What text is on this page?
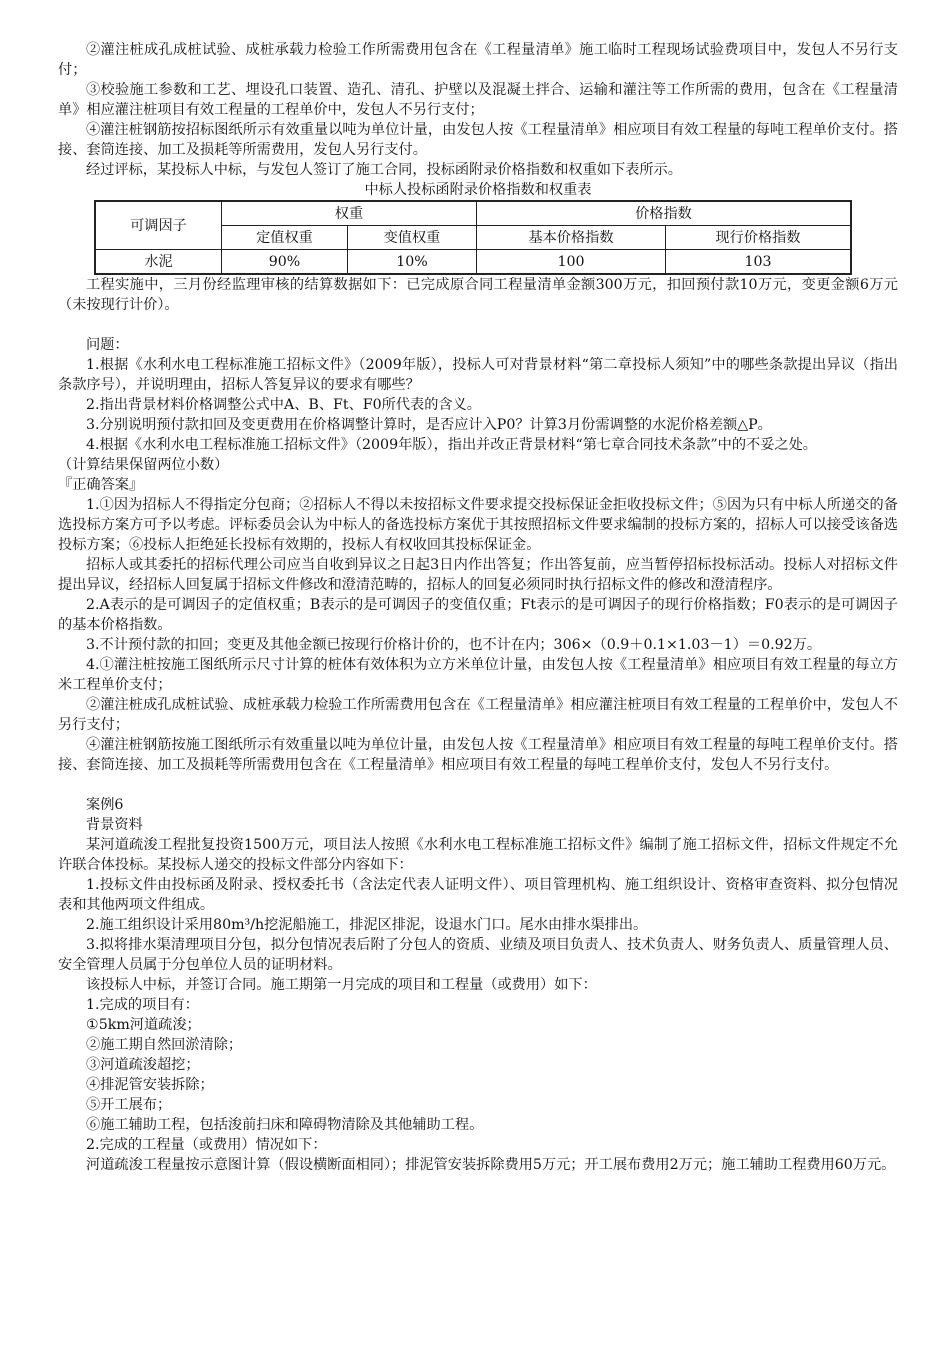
②灌注桩成孔成桩试验、成桩承载力检验工作所需费用包含在《工程量清单》施工临时工程现场试验费项目中，发包人不另行支付；

③校验施工参数和工艺、埋设孔口装置、造孔、清孔、护壁以及混凝土拌合、运输和灌注等工作所需的费用，包含在《工程量清单》相应灌注桩项目有效工程量的工程单价中，发包人不另行支付；

④灌注桩钢筋按招标图纸所示有效重量以吨为单位计量，由发包人按《工程量清单》相应项目有效工程量的每吨工程单价支付。搭接、套筒连接、加工及损耗等所需费用，发包人另行支付。

经过评标，某投标人中标，与发包人签订了施工合同，投标函附录价格指数和权重如下表所示。

中标人投标函附录价格指数和权重表
可调因子	权重		价格指数	
	定值权重	变值权重	基本价格指数	现行价格指数
水泥	90%	10%	100	103

工程实施中，三月份经监理审核的结算数据如下：已完成原合同工程量清单金额300万元，扣回预付款10万元，变更金额6万元（未按现行计价）。

问题：

1.根据《水利水电工程标准施工招标文件》（2009年版），投标人可对背景材料“第二章投标人须知”中的哪些条款提出异议（指出条款序号），并说明理由，招标人答复异议的要求有哪些？

2.指出背景材料价格调整公式中A、B、Ft、F0所代表的含义。

3.分别说明预付款扣回及变更费用在价格调整计算时，是否应计入P0？计算3月份需调整的水泥价格差额△P。

4.根据《水利水电工程标准施工招标文件》（2009年版），指出并改正背景材料“第七章合同技术条款”中的不妥之处。

（计算结果保留两位小数）

『正确答案』

1.①因为招标人不得指定分包商；②招标人不得以未按招标文件要求提交投标保证金拒收投标文件；⑤因为只有中标人所递交的备选投标方案方可予以考虑。评标委员会认为中标人的备选投标方案优于其按照招标文件要求编制的投标方案的，招标人可以接受该备选投标方案；⑥投标人拒绝延长投标有效期的，投标人有权收回其投标保证金。

招标人或其委托的招标代理公司应当自收到异议之日起3日内作出答复；作出答复前，应当暂停招标投标活动。投标人对招标文件提出异议，经招标人回复属于招标文件修改和澄清范畴的，招标人的回复必须同时执行招标文件的修改和澄清程序。

2.A表示的是可调因子的定值权重；B表示的是可调因子的变值仅重；Ft表示的是可调因子的现行价格指数；F0表示的是可调因子的基本价格指数。

3.不计预付款的扣回；变更及其他金额已按现行价格计价的，也不计在内；306×（0.9＋0.1×1.03－1）＝0.92万。

4.①灌注桩按施工图纸所示尺寸计算的桩体有效体积为立方米单位计量，由发包人按《工程量清单》相应项目有效工程量的每立方米工程单价支付；

②灌注桩成孔成桩试验、成桩承载力检验工作所需费用包含在《工程量清单》相应灌注桩项目有效工程量的工程单价中，发包人不另行支付；

④灌注桩钢筋按施工图纸所示有效重量以吨为单位计量，由发包人按《工程量清单》相应项目有效工程量的每吨工程单价支付。搭接、套筒连接、加工及损耗等所需费用包含在《工程量清单》相应项目有效工程量的每吨工程单价支付，发包人不另行支付。

案例6

背景资料

某河道疏浚工程批复投资1500万元，项目法人按照《水利水电工程标准施工招标文件》编制了施工招标文件，招标文件规定不允许联合体投标。某投标人递交的投标文件部分内容如下：

1.投标文件由投标函及附录、授权委托书（含法定代表人证明文件）、项目管理机构、施工组织设计、资格审查资料、拟分包情况表和其他两项文件组成。

2.施工组织设计采用80m³/h挖泥船施工，排泥区排泥，设退水门口。尾水由排水渠排出。

3.拟将排水渠清理项目分包，拟分包情况表后附了分包人的资质、业绩及项目负责人、技术负责人、财务负责人、质量管理人员、安全管理人员属于分包单位人员的证明材料。

该投标人中标，并签订合同。施工期第一月完成的项目和工程量（或费用）如下：

1.完成的项目有：

①5km河道疏浚；

②施工期自然回淤清除；

③河道疏浚超挖；

④排泥管安装拆除；

⑤开工展布；

⑥施工辅助工程，包括浚前扫床和障碍物清除及其他辅助工程。

2.完成的工程量（或费用）情况如下：

河道疏浚工程量按示意图计算（假设横断面相同）；排泥管安装拆除费用5万元；开工展布费用2万元；施工辅助工程费用60万元。
